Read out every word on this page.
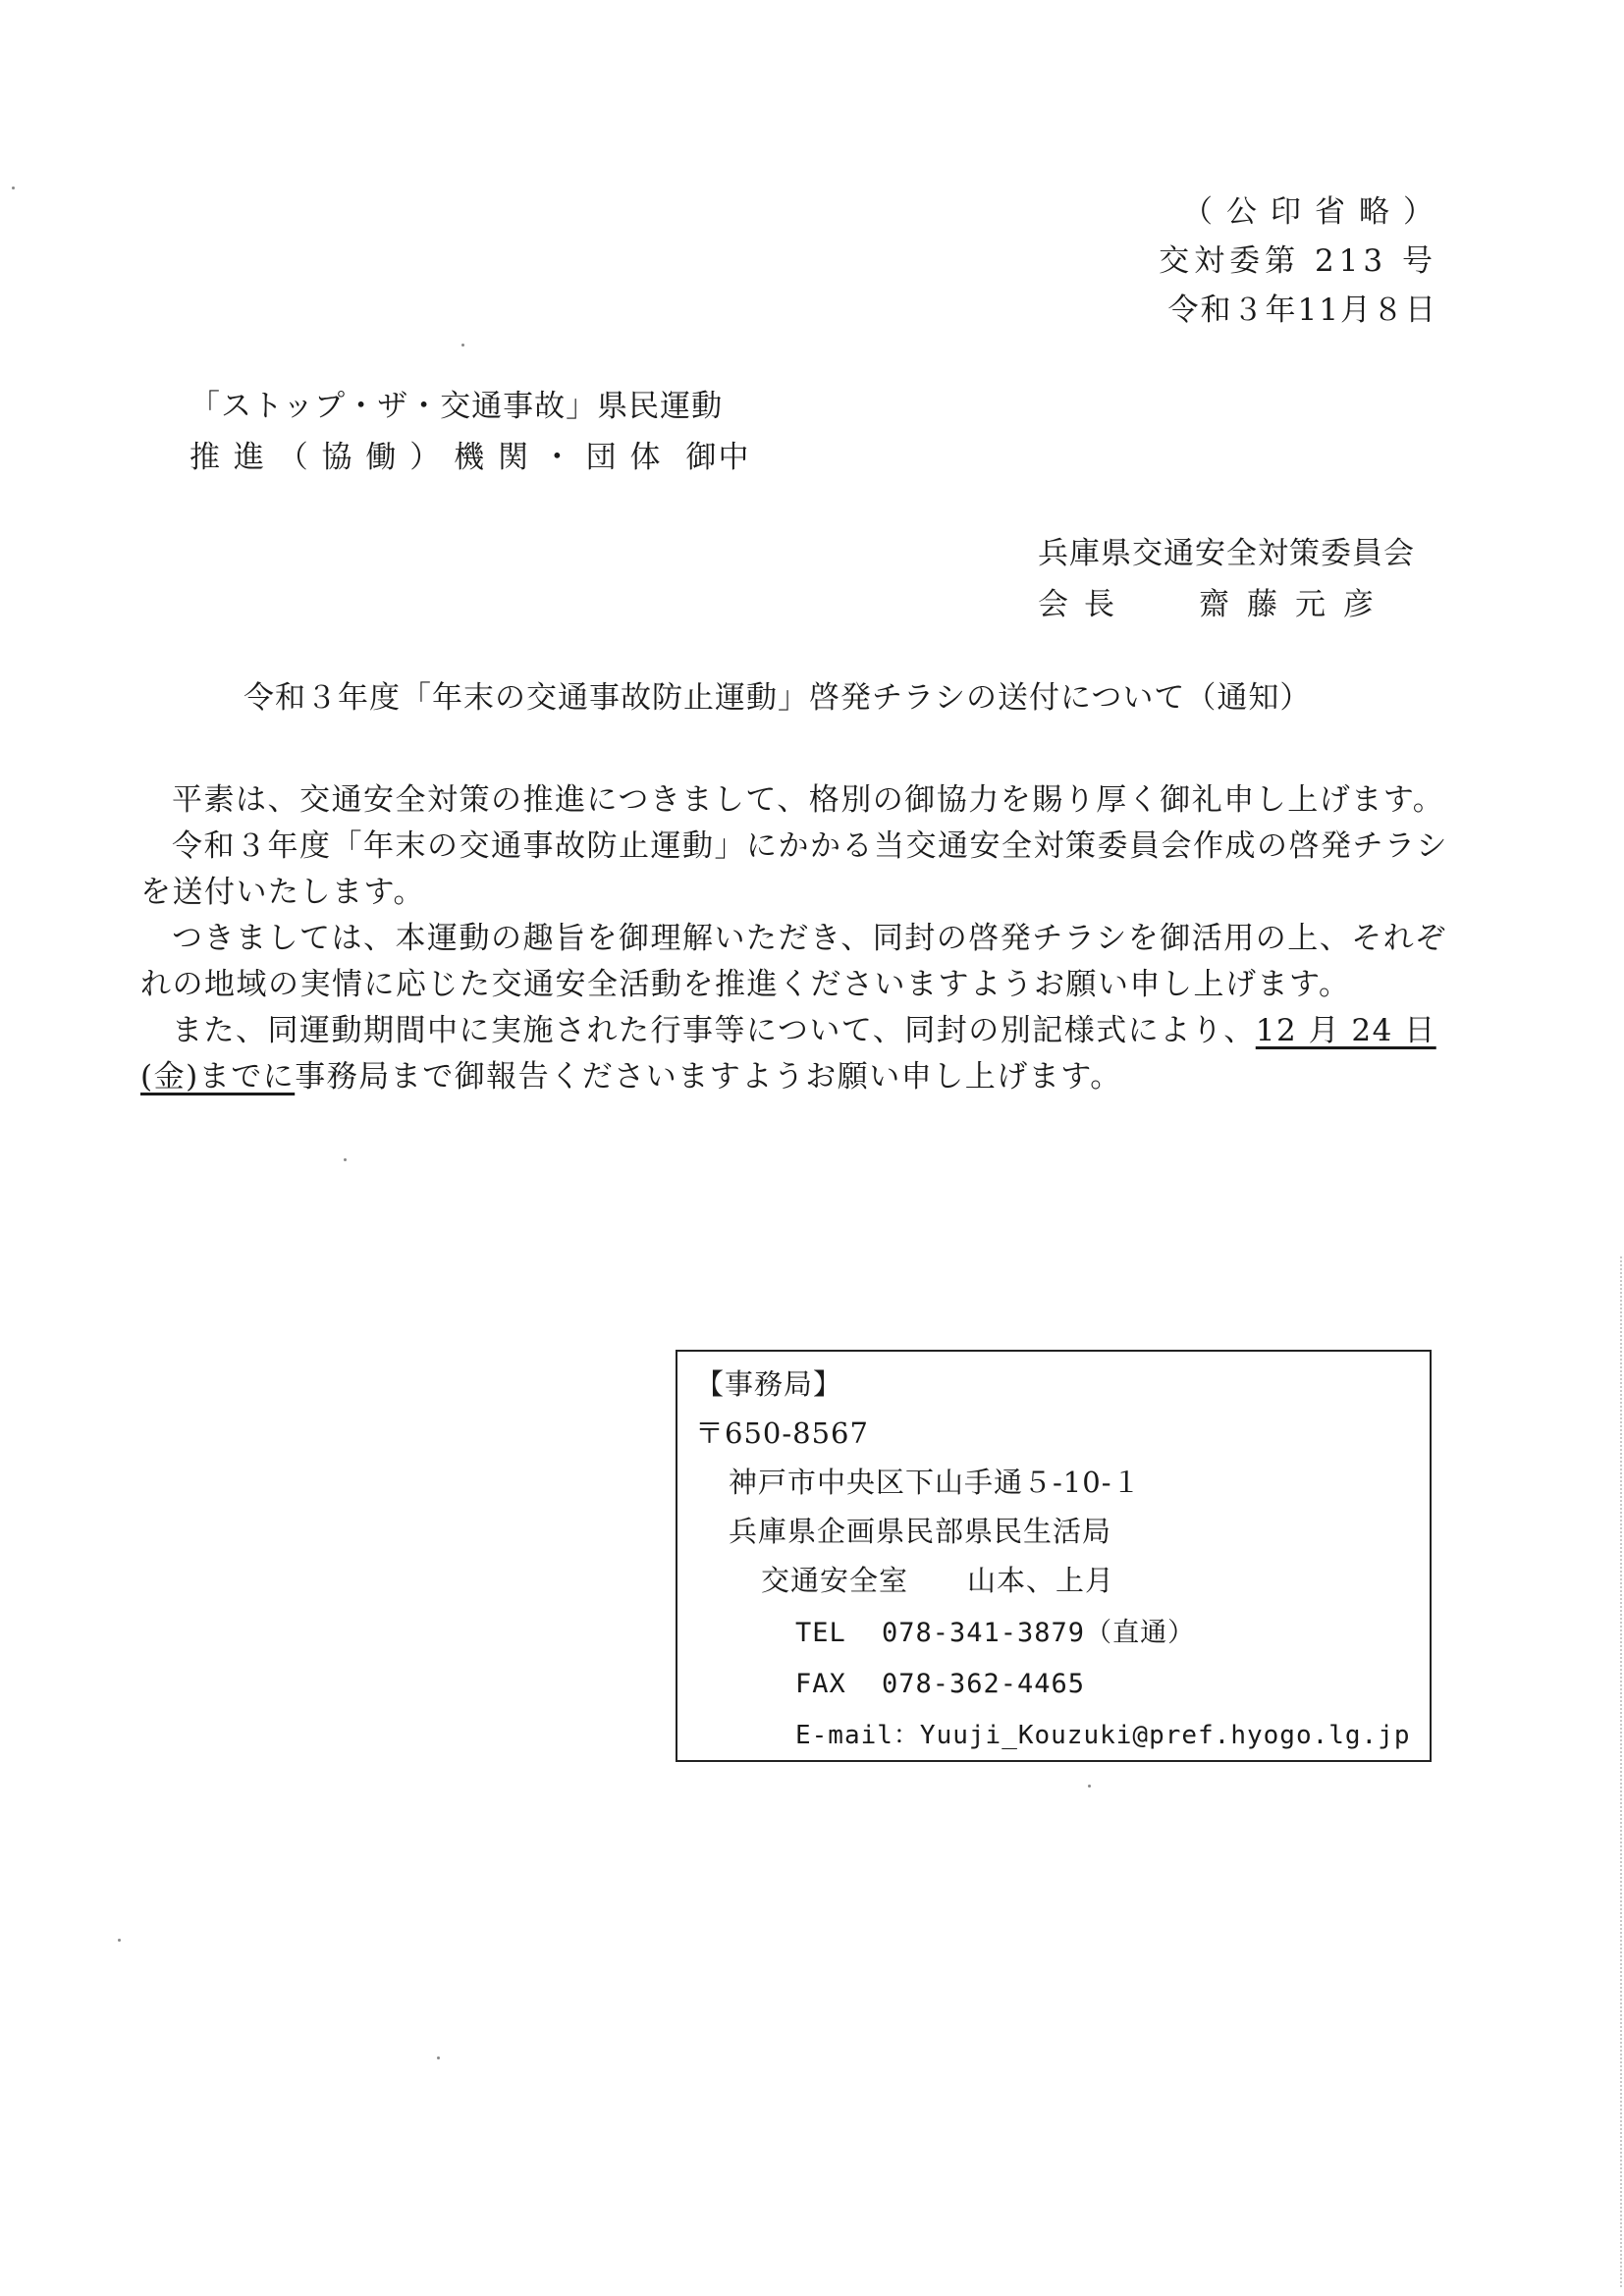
（公印省略）
交対委第 213 号
令和３年11月８日
「ストップ・ザ・交通事故」県民運動
推 進 （ 協 働 ） 機 関 ・ 団 体 御中
兵庫県交通安全対策委員会
会長 齋藤元彦
令和３年度「年末の交通事故防止運動」啓発チラシの送付について（通知）

平素は、交通安全対策の推進につきまして、格別の御協力を賜り厚く御礼申し上げます。

令和３年度「年末の交通事故防止運動」にかかる当交通安全対策委員会作成の啓発チラシを送付いたします。

つきましては、本運動の趣旨を御理解いただき、同封の啓発チラシを御活用の上、それぞれの地域の実情に応じた交通安全活動を推進くださいますようお願い申し上げます。

また、同運動期間中に実施された行事等について、同封の別記様式により、12 月 24 日(金)までに事務局まで御報告くださいますようお願い申し上げます。

【事務局】
〒650-8567
神戸市中央区下山手通５-10-１
兵庫県企画県民部県民生活局
交通安全室 山本、上月
TEL 078-341-3879（直通）
FAX 078-362-4465
E-mail：Yuuji_Kouzuki@pref.hyogo.lg.jp
